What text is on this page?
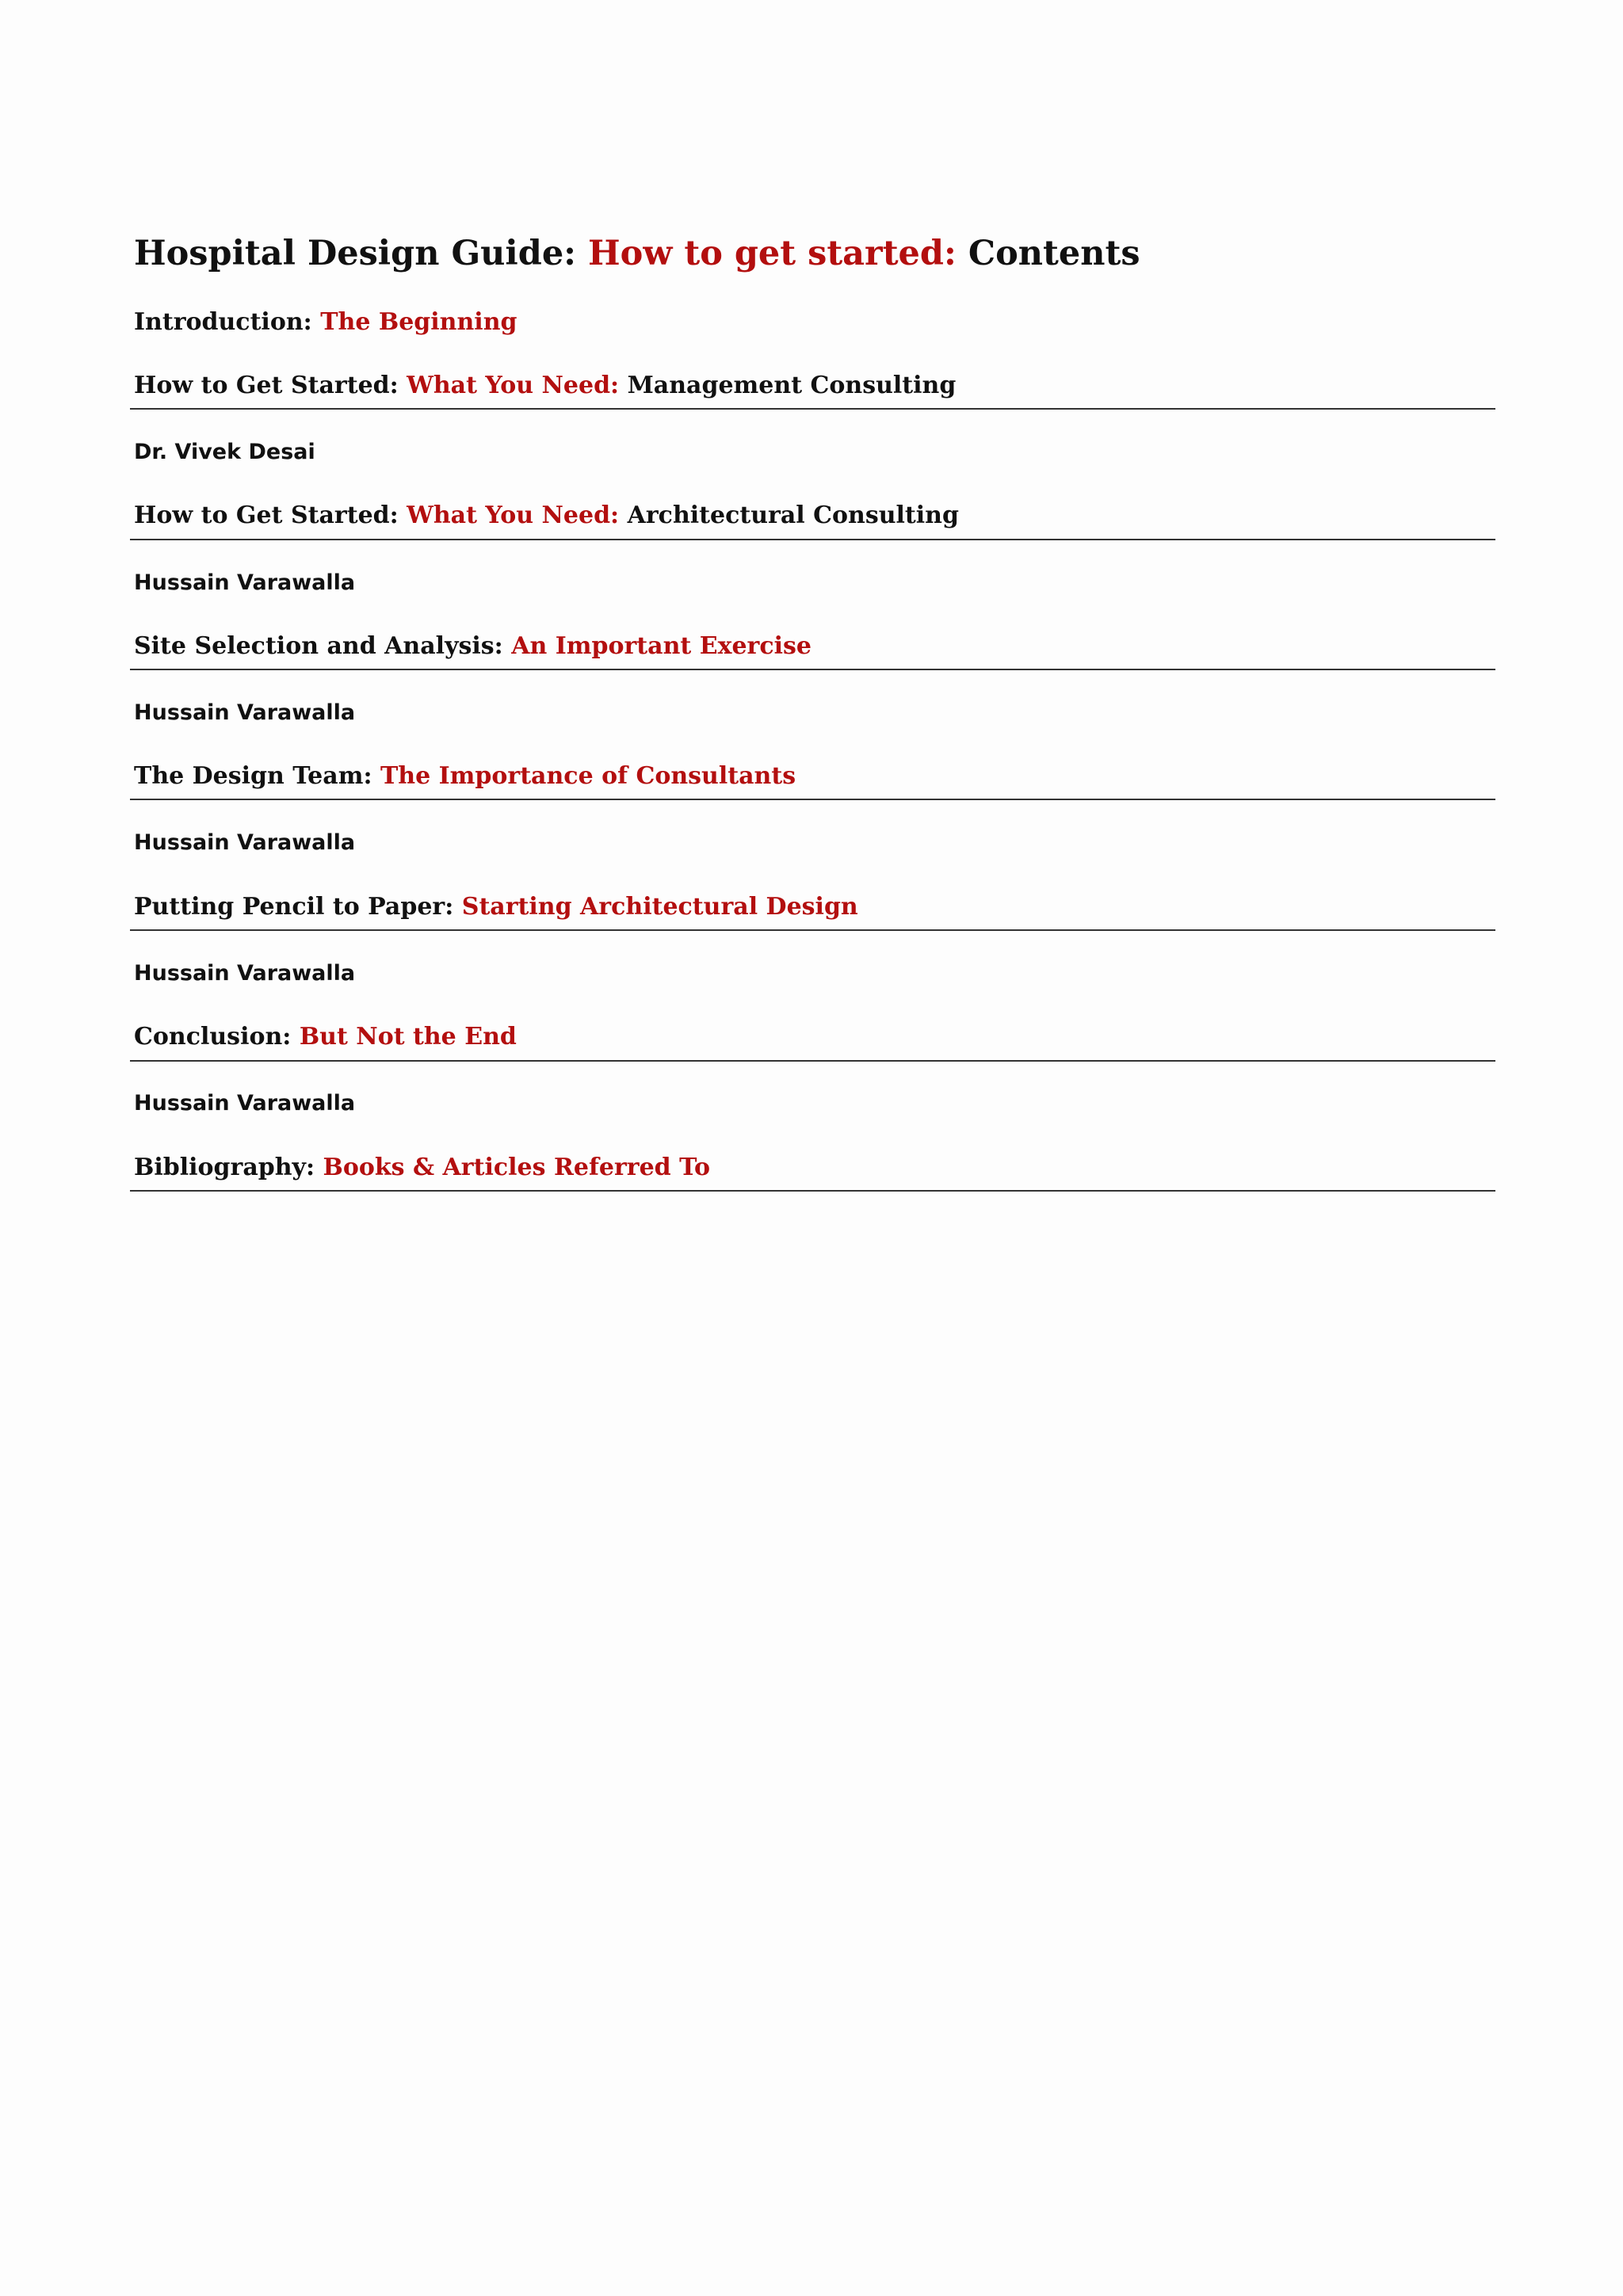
Hospital Design Guide: How to get started: Contents
Introduction: The Beginning
How to Get Started: What You Need: Management Consulting
Dr. Vivek Desai
How to Get Started: What You Need: Architectural Consulting
Hussain Varawalla
Site Selection and Analysis: An Important Exercise
Hussain Varawalla
The Design Team: The Importance of Consultants
Hussain Varawalla
Putting Pencil to Paper: Starting Architectural Design
Hussain Varawalla
Conclusion: But Not the End
Hussain Varawalla
Bibliography: Books & Articles Referred To
